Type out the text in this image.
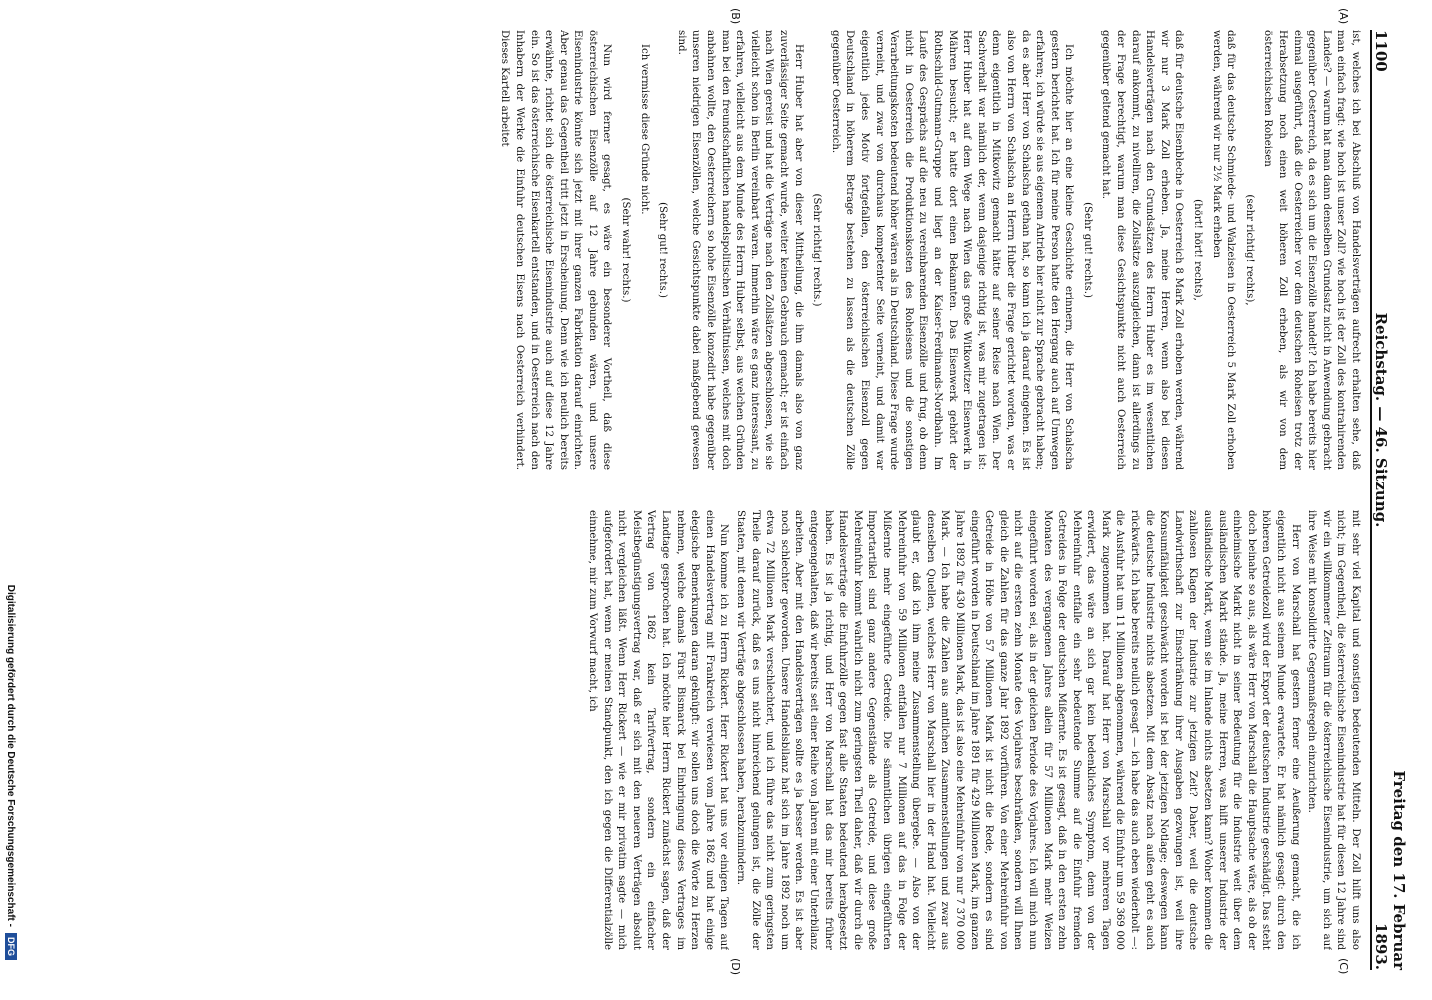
1100
Reichstag. — 46. Sitzung.
Freitag den 17. Februar 1893.
(A)
(B)
(C)
(D)

ist, welches ich bei Abschluß von Handelsverträgen aufrecht erhalten sehe, daß man einfach fragt: wie hoch ist unser Zoll? wie hoch ist der Zoll des kontrahirenden Landes? — warum hat man dann denselben Grundsatz nicht in Anwendung gebracht gegenüber Oesterreich, da es sich um die Eisenzölle handelt? Ich habe bereits hier einmal ausgeführt, daß die Oesterreicher vor dem deutschen Roheisen trotz der Herabsetzung noch einen weit höheren Zoll erheben, als wir von dem österreichischen Roheisen

(sehr richtig! rechts),

daß für das deutsche Schmiede- und Walzeisen in Oesterreich 5 Mark Zoll erhoben werden, während wir nur 2½ Mark erheben

(hört! hört! rechts),

daß für deutsche Eisenbleche in Oesterreich 8 Mark Zoll erhoben werden, während wir nur 3 Mark Zoll erheben. Ja, meine Herren, wenn also bei diesen Handelsverträgen nach den Grundsätzen des Herrn Huber es im wesentlichen darauf ankommt, zu nivelliren, die Zollsätze auszugleichen, dann ist allerdings zu der Frage berechtigt, warum man diese Gesichtspunkte nicht auch Oesterreich gegenüber geltend gemacht hat.

(Sehr gut! rechts.)

Ich möchte hier an eine kleine Geschichte erinnern, die Herr von Schalscha gestern berichtet hat. Ich für meine Person hatte den Hergang auch auf Umwegen erfahren; ich würde sie aus eigenem Antrieb hier nicht zur Sprache gebracht haben; da es aber Herr von Schalscha gethan hat, so kann ich ja darauf eingehen. Es ist also von Herrn von Schalscha an Herrn Huber die Frage gerichtet worden, was er denn eigentlich in Mitkowitz gemacht hätte auf seiner Reise nach Wien. Der Sachverhalt war nämlich der, wenn dasjenige richtig ist, was mir zugetragen ist: Herr Huber hat auf dem Wege nach Wien das große Witkowitzer Eisenwerk in Mähren besucht; er hatte dort einen Bekannten. Das Eisenwerk gehört der Rothschild-Gutmann-Gruppe und liegt an der Kaiser-Ferdinands-Nordbahn. Im Laufe des Gesprächs auf die neu zu vereinbarenden Eisenzölle und frug, ob denn nicht in Oesterreich die Produktionskosten des Roheisens und die sonstigen Verarbeitungskosten bedeutend höher wären als in Deutschland. Diese Frage wurde verneint, und zwar von durchaus kompetenter Seite verneint, und damit war eigentlich jedes Motiv fortgefallen, den österreichischen Eisenzoll gegen Deutschland in höherem Betrage bestehen zu lassen als die deutschen Zölle gegenüber Oesterreich.

(Sehr richtig! rechts.)

Herr Huber hat aber von dieser Mittheilung, die ihm damals also von ganz zuverlässiger Seite gemacht wurde, weiter keinen Gebrauch gemacht; er ist einfach nach Wien gereist und hat die Verträge nach den Zollsätzen abgeschlossen, wie sie vielleicht schon in Berlin vereinbart waren. Immerhin wäre es ganz interessant, zu erfahren, vielleicht aus dem Munde des Herrn Huber selbst, aus welchen Gründen man bei den freundschaftlichen handelspolitischen Verhältnissen, welches mit doch anbahnen wollte, den Oesterreichern so hohe Eisenzölle konzedirt habe gegenüber unseren niedrigen Eisenzöllen, welche Gesichtspunkte dabei maßgebend gewesen sind.

(Sehr gut! rechts.)

Ich vermisse diese Gründe nicht.

(Sehr wahr! rechts.)

Nun wird ferner gesagt, es wäre ein besonderer Vortheil, daß diese österreichischen Eisenzölle auf 12 Jahre gebunden wären, und unsere Eisenindustrie könnte sich jetzt mit ihrer ganzen Fabrikation darauf einrichten. Aber genau das Gegentheil tritt jetzt in Erscheinung. Denn wie ich neulich bereits erwähnte, richtet sich die österreichische Eisenindustrie auch auf diese 12 Jahre ein. So ist das österreichische Eisenkartell entstanden, und in Oesterreich nach den Inhabern der Werke die Einfuhr deutschen Eisens nach Oesterreich verhindert. Dieses Kartell arbeitet

mit sehr viel Kapital und sonstigen bedeutenden Mitteln. Der Zoll hilft uns also nicht; im Gegentheil, die österreichische Eisenindustrie hat für diesen 12 Jahre sind wir ein willkommener Zeitraum für die österreichische Eisenindustrie, um sich auf ihre Weise mit konsolidirte Gegenmaßregeln einzurichten.

Herr von Marschall hat gestern ferner eine Aeußerung gemacht, die ich eigentlich nicht aus seinem Munde erwartete. Er hat nämlich gesagt: durch den höheren Getreidezoll wird der Export der deutschen Industrie geschädigt. Das steht doch beinahe so aus, als wäre Herr von Marschall die Hauptsache wäre, als ob der einheimische Markt nicht in seiner Bedeutung für die Industrie weit über dem ausländischen Markt stände. Ja, meine Herren, was hilft unserer Industrie der ausländische Markt, wenn sie im Inlande nichts absetzen kann? Woher kommen die zahllosen Klagen der Industrie zur jetzigen Zeit? Daher, weil die deutsche Landwirthschaft zur Einschränkung ihrer Ausgaben gezwungen ist, weil ihre Konsumfähigkeit geschwächt worden ist bei der jetzigen Notlage; deswegen kann die deutsche Industrie nichts absetzen. Mit dem Absatz nach außen geht es auch rückwärts. Ich habe bereits neulich gesagt — ich habe das auch eben wiederholt —: die Ausfuhr hat um 11 Millionen abgenommen, während die Einfuhr um 59 369 000 Mark zugenommen hat. Darauf hat Herr von Marschall vor mehreren Tagen erwidert, das wäre an sich gar kein bedenkliches Symptom, denn von der Mehreinfuhr entfalle ein sehr bedeutende Summe auf die Einfuhr fremden Getreides in Folge der deutschen Mißernte. Es ist gesagt, daß in den ersten zehn Monaten des vergangenen Jahres allein für 57 Millionen Mark mehr Weizen eingeführt worden sei, als in der gleichen Periode des Vorjahres. Ich will mich nun nicht auf die ersten zehn Monate des Vorjahres beschränken, sondern will Ihnen gleich die Zahlen für das ganze Jahr 1892 vorführen. Von einer Mehreinfuhr von Getreide in Höhe von 57 Millionen Mark ist nicht die Rede, sondern es sind eingeführt worden in Deutschland im Jahre 1891 für 429 Millionen Mark, im ganzen Jahre 1892 für 430 Millionen Mark, das ist also eine Mehreinfuhr von nur 7 370 000 Mark. — Ich habe die Zahlen aus amtlichen Zusammenstellungen und zwar aus denselben Quellen, welches Herr von Marschall hier in der Hand hat. Vielleicht glaubt er, daß ich ihm meine Zusammenstellung übergebe. — Also von der Mehreinfuhr von 59 Millionen entfallen nur 7 Millionen auf das in Folge der Mißernte mehr eingeführte Getreide. Die sämmtlichen übrigen eingeführten Importartikel sind ganz andere Gegenstände als Getreide, und diese große Mehreinfuhr kommt wahrlich nicht zum geringsten Theil daher, daß wir durch die Handelsverträge die Einfuhrzölle gegen fast alle Staaten bedeutend herabgesetzt haben. Es ist ja richtig, und Herr von Marschall hat das mir bereits früher entgegengehalten, daß wir bereits seit einer Reihe von Jahren mit einer Unterbilanz arbeiten. Aber mit den Handelsverträgen sollte es ja besser werden. Es ist aber noch schlechter geworden. Unsere Handelsbilanz hat sich im Jahre 1892 noch um etwa 72 Millionen Mark verschlechtert, und ich führe das nicht zum geringsten Theile darauf zurück, daß es uns nicht hinreichend gelungen ist, die Zölle der Staaten, mit denen wir Verträge abgeschlossen haben, herabzumindern.

Nun komme ich zu Herrn Rickert. Herr Rickert hat uns vor einigen Tagen auf einen Handelsvertrag mit Frankreich verwiesen vom Jahre 1862 und hat einige elegische Bemerkungen daran geknüpft: wir sollen uns doch die Worte zu Herzen nehmen, welche damals Fürst Bismarck bei Einbringung dieses Vertrages im Landtage gesprochen hat. Ich möchte hier Herrn Rickert zunächst sagen, daß der Vertrag von 1862 kein Tarifvertrag, sondern ein einfacher Meistbegünstigungsvertrag war, daß er sich mit den neueren Verträgen absolut nicht vergleichen läßt. Wenn Herr Rickert — wie er mir privatim sagte — mich aufgefordert hat, wenn er meinen Standpunkt, den ich gegen die Differentialzölle einnehme, mir zum Vorwurf macht, ich

Digitalisierung gefördert durch die Deutsche Forschungsgemeinschaft -
DFG
